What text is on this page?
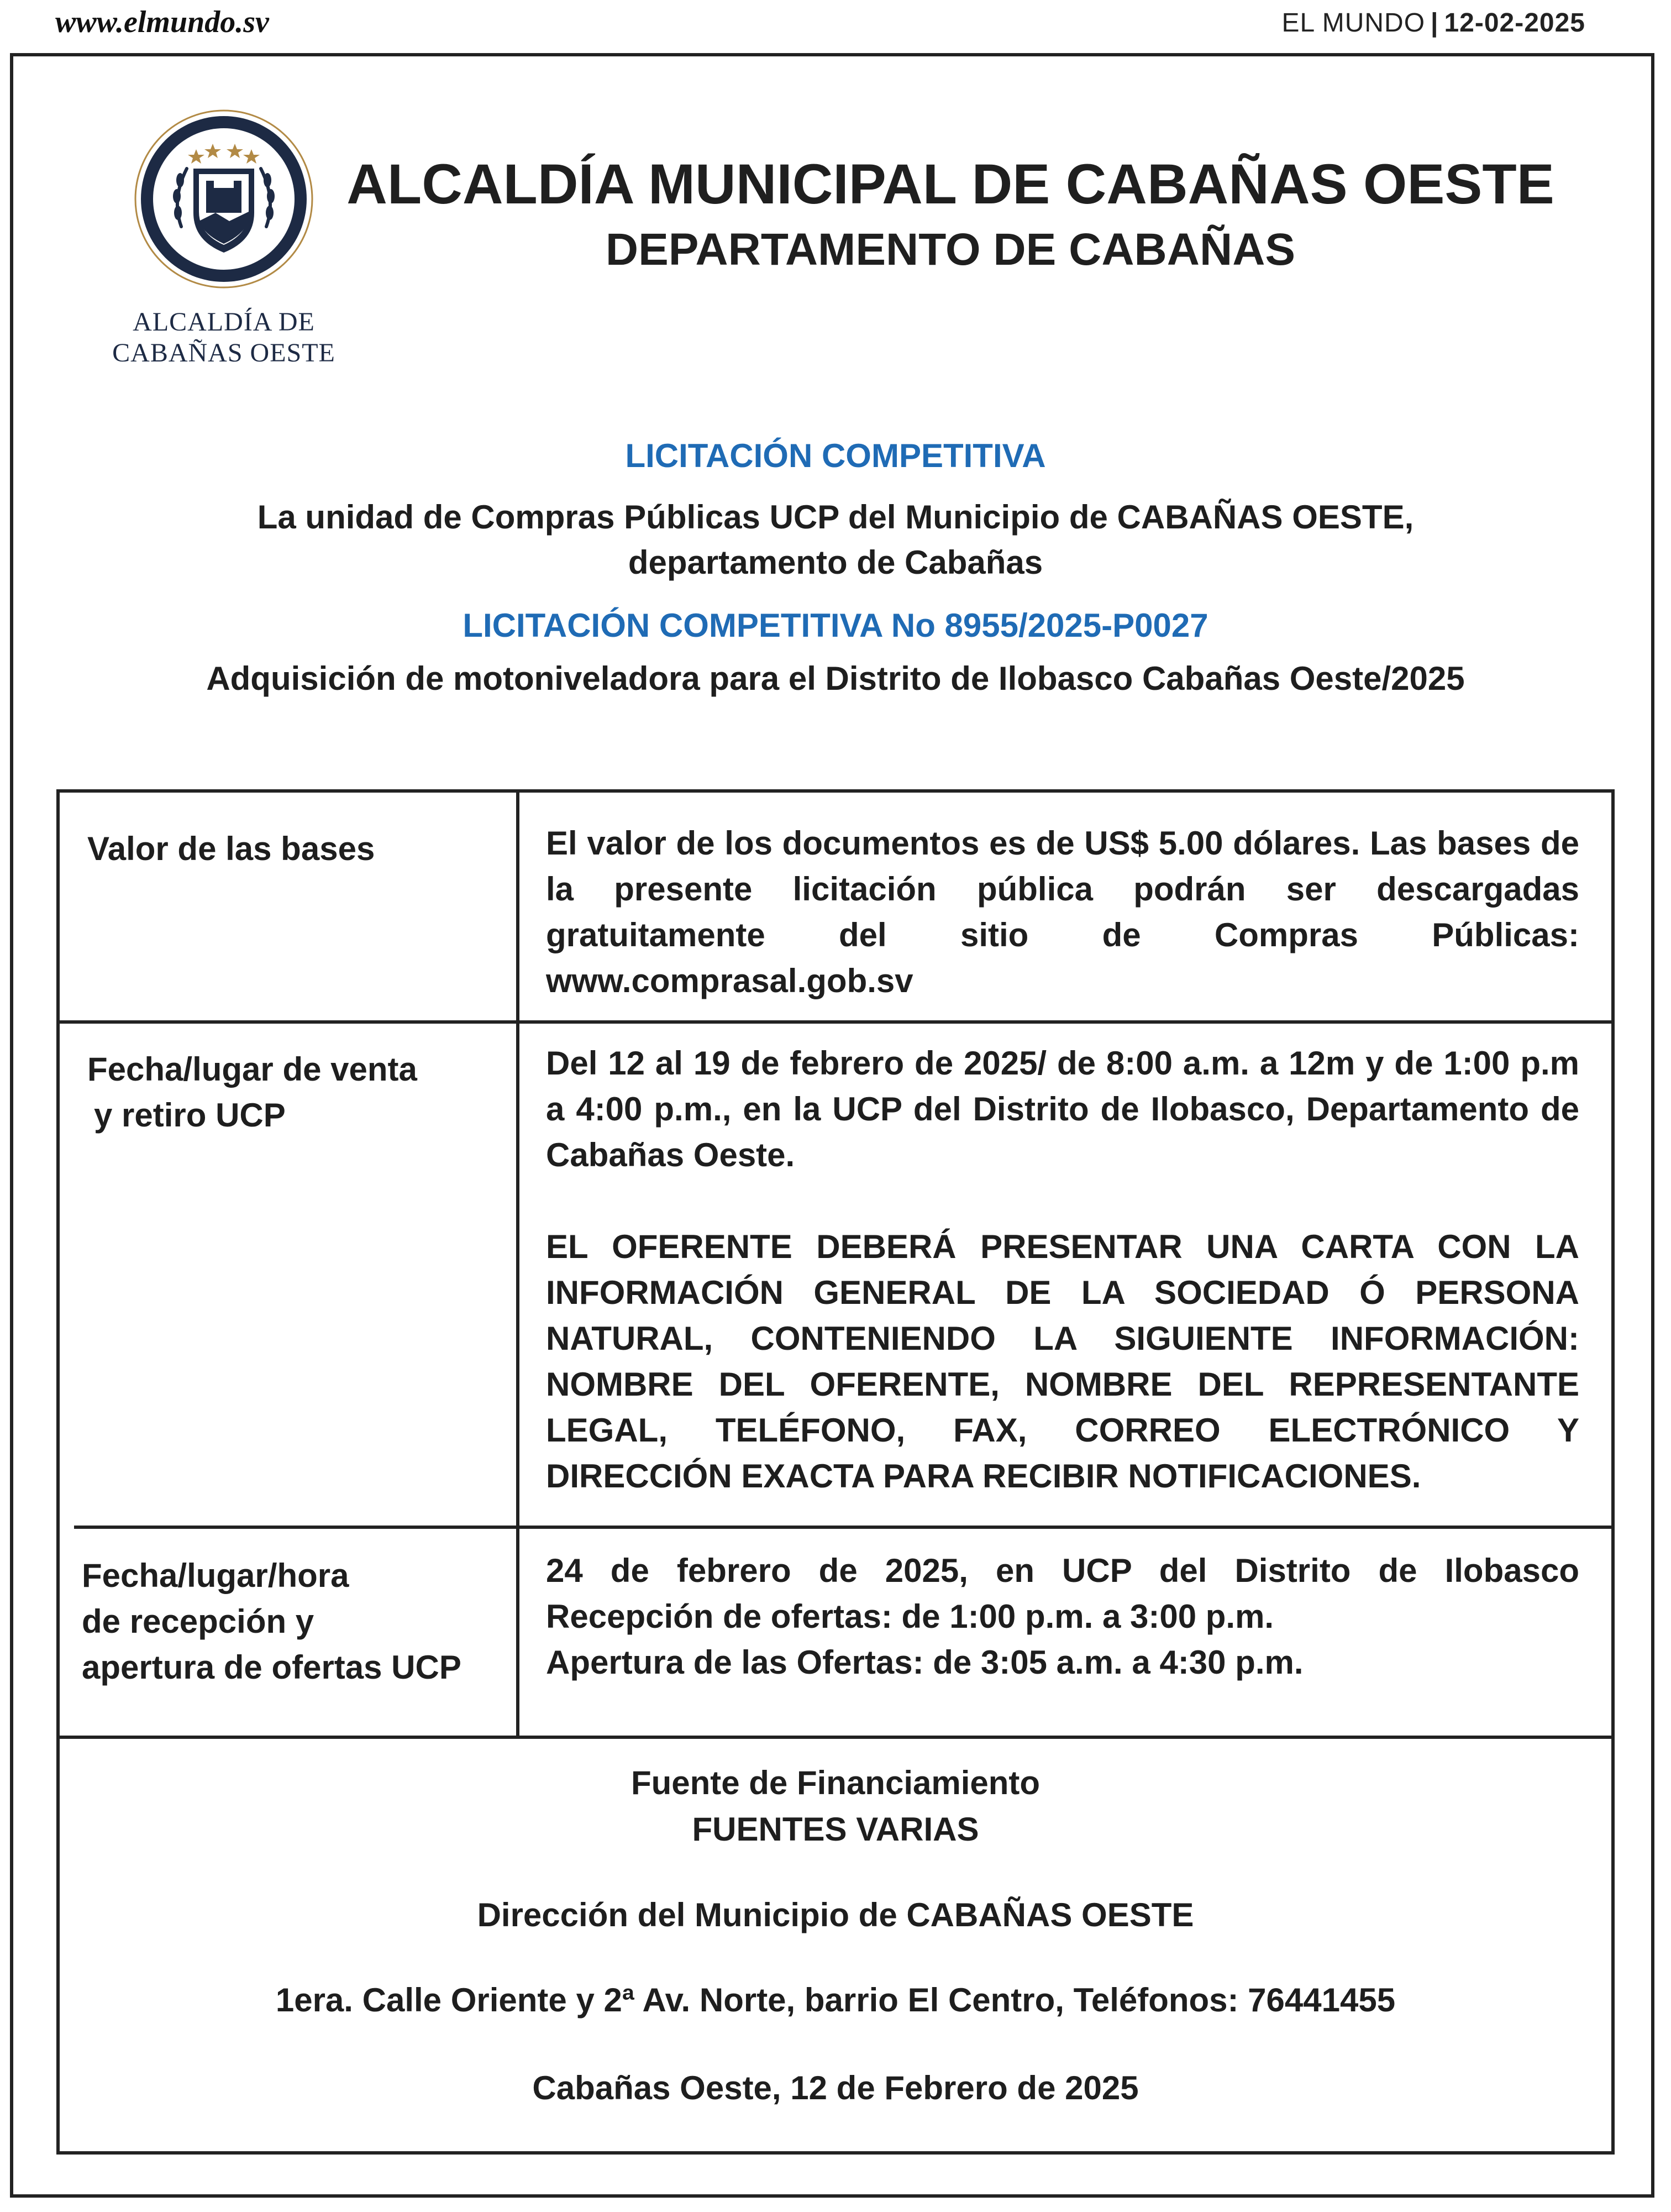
www.elmundo.sv	EL MUNDO | 12-02-2025
ALCALDÍA DE
CABAÑAS OESTE
ALCALDÍA MUNICIPAL DE CABAÑAS OESTE
DEPARTAMENTO DE CABAÑAS
LICITACIÓN COMPETITIVA
La unidad de Compras Públicas UCP del Municipio de CABAÑAS OESTE,
departamento de Cabañas
LICITACIÓN COMPETITIVA No 8955/2025-P0027
Adquisición de motoniveladora para el Distrito de Ilobasco Cabañas Oeste/2025
Valor de las bases	El valor de los documentos es de US$ 5.00 dólares. Las bases de la presente licitación pública podrán ser descargadas gratuitamente del sitio de Compras Públicas: www.comprasal.gob.sv
Fecha/lugar de venta
y retiro UCP

Del 12 al 19 de febrero de 2025/ de 8:00 a.m. a 12m y de 1:00 p.m a 4:00 p.m., en la UCP del Distrito de Ilobasco, Departamento de Cabañas Oeste.

EL OFERENTE DEBERÁ PRESENTAR UNA CARTA CON LA INFORMACIÓN GENERAL DE LA SOCIEDAD Ó PERSONA NATURAL, CONTENIENDO LA SIGUIENTE INFORMACIÓN: NOMBRE DEL OFERENTE, NOMBRE DEL REPRESENTANTE LEGAL, TELÉFONO, FAX, CORREO ELECTRÓNICO Y DIRECCIÓN EXACTA PARA RECIBIR NOTIFICACIONES.

Fecha/lugar/hora
de recepción y
apertura de ofertas UCP
24 de febrero de 2025, en UCP del Distrito de Ilobasco
Recepción de ofertas: de 1:00 p.m. a 3:00 p.m.
Apertura de las Ofertas: de 3:05 a.m. a 4:30 p.m.
Fuente de Financiamiento
FUENTES VARIAS
Dirección del Municipio de CABAÑAS OESTE
1era. Calle Oriente y 2ª Av. Norte, barrio El Centro, Teléfonos: 76441455
Cabañas Oeste, 12 de Febrero de 2025
